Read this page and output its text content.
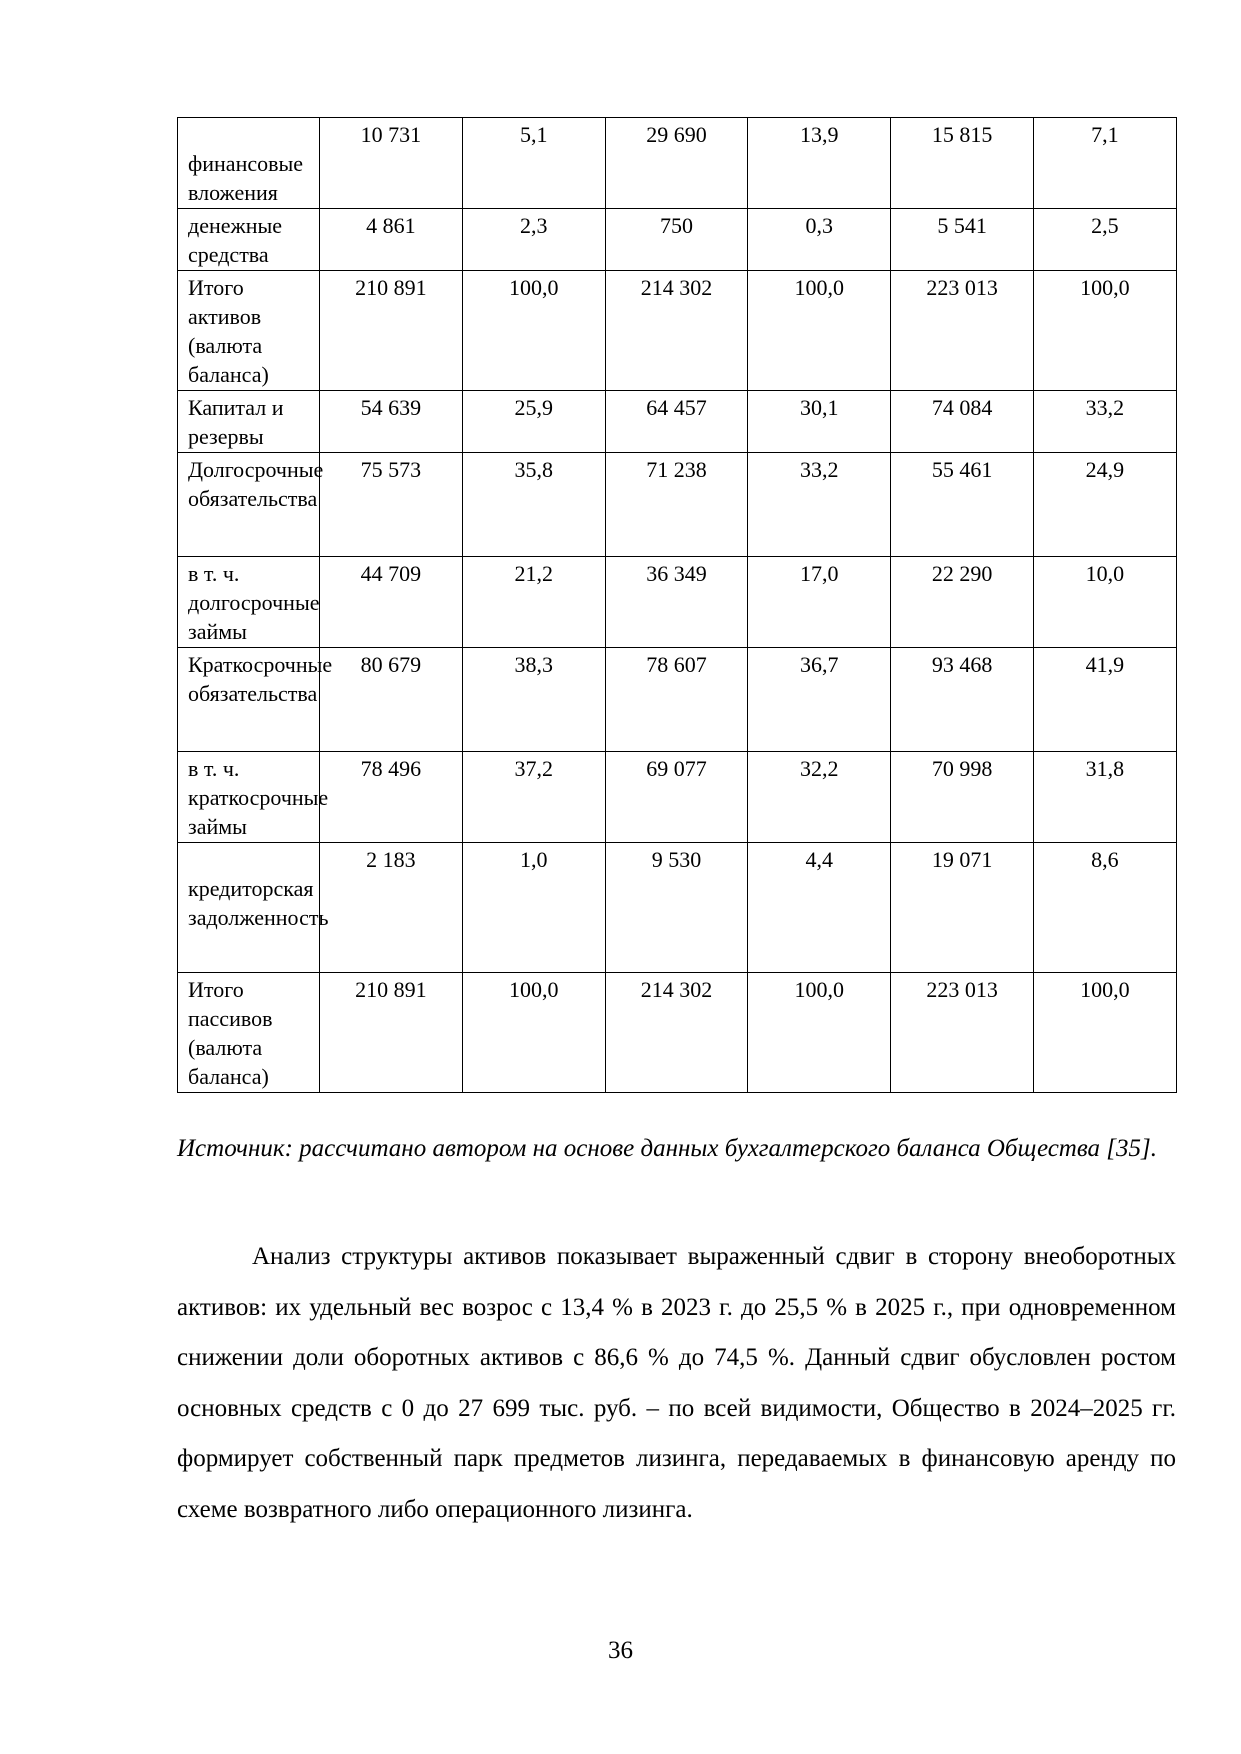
финансовые вложения	10 731	5,1	29 690	13,9	15 815	7,1
денежные средства	4 861	2,3	750	0,3	5 541	2,5
Итого активов (валюта баланса)	210 891	100,0	214 302	100,0	223 013	100,0
Капитал и резервы	54 639	25,9	64 457	30,1	74 084	33,2
Долгосрочные обязательства	75 573	35,8	71 238	33,2	55 461	24,9
в т. ч. долгосрочные займы	44 709	21,2	36 349	17,0	22 290	10,0
Краткосрочные обязательства	80 679	38,3	78 607	36,7	93 468	41,9
в т. ч. краткосрочные займы	78 496	37,2	69 077	32,2	70 998	31,8

кредиторская задолженность	2 183	1,0	9 530	4,4	19 071	8,6
Итого пассивов (валюта баланса)	210 891	100,0	214 302	100,0	223 013	100,0

Источник: рассчитано автором на основе данных бухгалтерского баланса Общества [35].

Анализ структуры активов показывает выраженный сдвиг в сторону внеоборотных активов: их удельный вес возрос с 13,4 % в 2023 г. до 25,5 % в 2025 г., при одновременном снижении доли оборотных активов с 86,6 % до 74,5 %. Данный сдвиг обусловлен ростом основных средств с 0 до 27 699 тыс. руб. – по всей видимости, Общество в 2024–2025 гг. формирует собственный парк предметов лизинга, передаваемых в финансовую аренду по схеме возвратного либо операционного лизинга.

36
